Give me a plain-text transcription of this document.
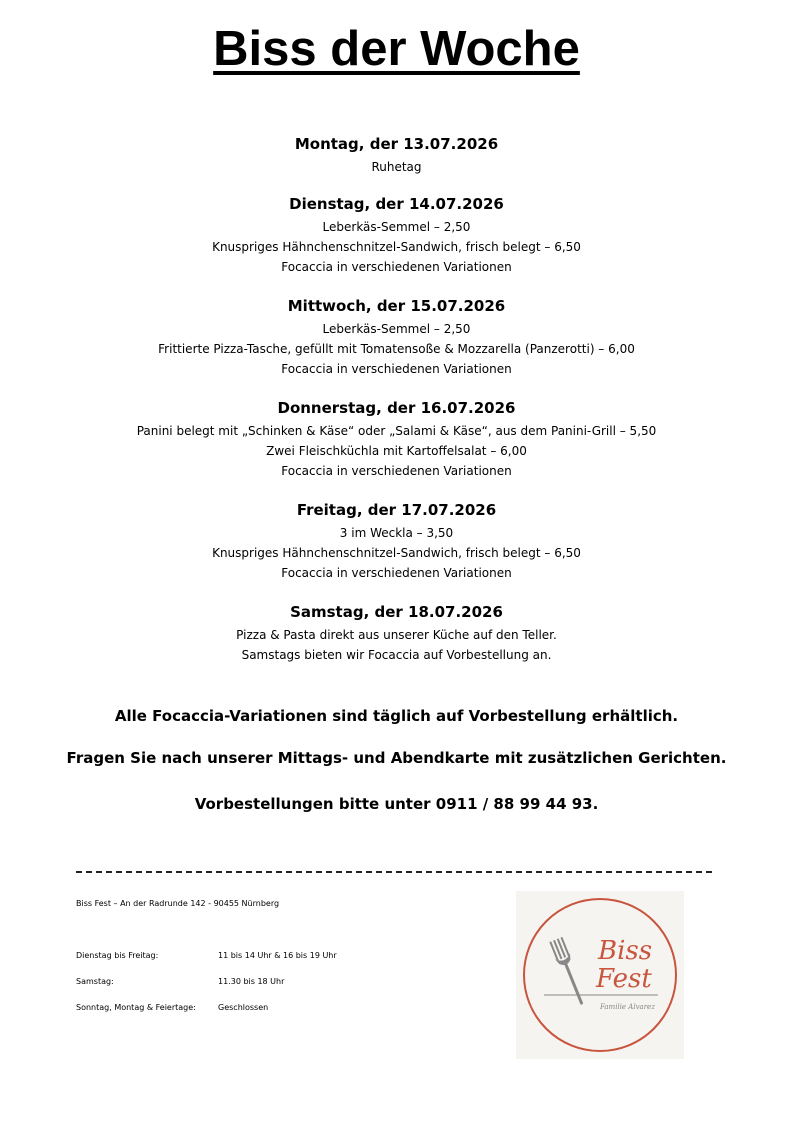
Biss der Woche
Montag, der 13.07.2026
Ruhetag
Dienstag, der 14.07.2026
Leberkäs-Semmel – 2,50
Knuspriges Hähnchenschnitzel-Sandwich, frisch belegt – 6,50
Focaccia in verschiedenen Variationen
Mittwoch, der 15.07.2026
Leberkäs-Semmel – 2,50
Frittierte Pizza-Tasche, gefüllt mit Tomatensoße & Mozzarella (Panzerotti) – 6,00
Focaccia in verschiedenen Variationen
Donnerstag, der 16.07.2026
Panini belegt mit „Schinken & Käse“ oder „Salami & Käse“, aus dem Panini-Grill – 5,50
Zwei Fleischküchla mit Kartoffelsalat – 6,00
Focaccia in verschiedenen Variationen
Freitag, der 17.07.2026
3 im Weckla – 3,50
Knuspriges Hähnchenschnitzel-Sandwich, frisch belegt – 6,50
Focaccia in verschiedenen Variationen
Samstag, der 18.07.2026
Pizza & Pasta direkt aus unserer Küche auf den Teller.
Samstags bieten wir Focaccia auf Vorbestellung an.
Alle Focaccia-Variationen sind täglich auf Vorbestellung erhältlich.
Fragen Sie nach unserer Mittags- und Abendkarte mit zusätzlichen Gerichten.
Vorbestellungen bitte unter 0911 / 88 99 44 93.
Biss Fest – An der Radrunde 142 - 90455 Nürnberg
Dienstag bis Freitag:	11 bis 14 Uhr & 16 bis 19 Uhr
Samstag:	11.30 bis 18 Uhr
Sonntag, Montag & Feiertage:	Geschlossen
Biss
Fest
Familie Alvarez
